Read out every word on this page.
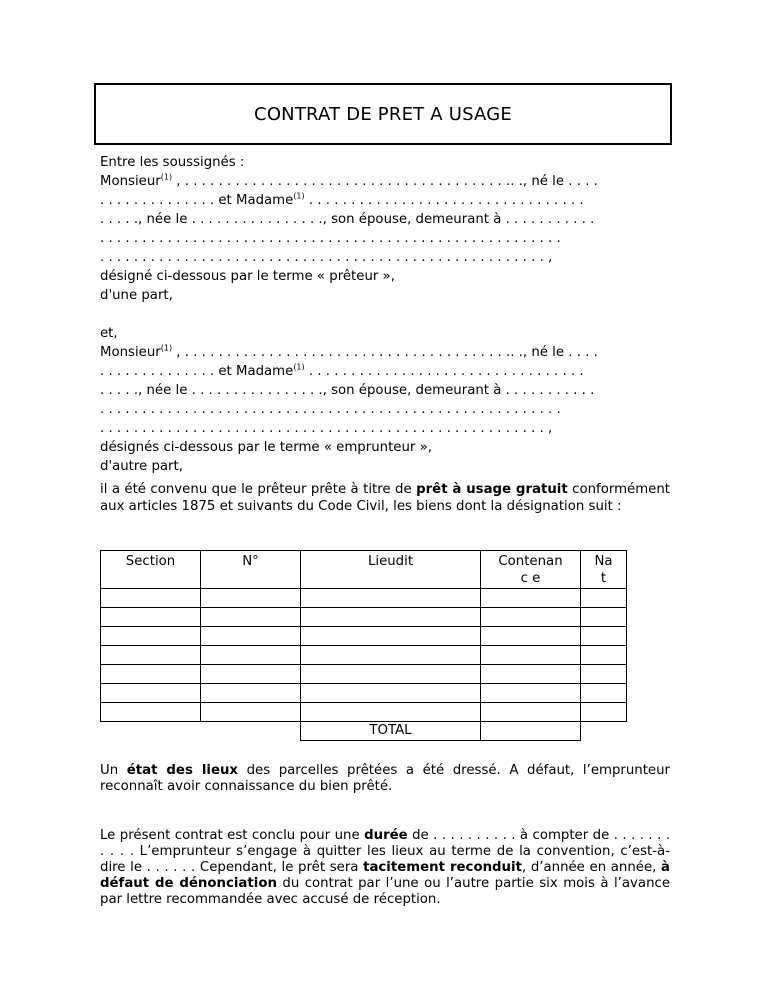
CONTRAT DE PRET A USAGE
Entre les soussignés :
Monsieur$^{(1)}$ , . . . . . . . . . . . . . . . . . . . . . . . . . . . . . . . . . . . . . . .. ., né le . . . .
. . . . . . . . . . . . . . et Madame$^{(1)}$ . . . . . . . . . . . . . . . . . . . . . . . . . . . . . . . . .
. . . . ., née le . . . . . . . . . . . . . . . ., son épouse, demeurant à . . . . . . . . . . .
. . . . . . . . . . . . . . . . . . . . . . . . . . . . . . . . . . . . . . . . . . . . . . . . . . . . . . .
. . . . . . . . . . . . . . . . . . . . . . . . . . . . . . . . . . . . . . . . . . . . . . . . . . . . . ,
désigné ci-dessous par le terme « prêteur »,
d'une part,
et,
Monsieur$^{(1)}$ , . . . . . . . . . . . . . . . . . . . . . . . . . . . . . . . . . . . . . . .. ., né le . . . .
. . . . . . . . . . . . . . et Madame$^{(1)}$ . . . . . . . . . . . . . . . . . . . . . . . . . . . . . . . . .
. . . . ., née le . . . . . . . . . . . . . . . ., son épouse, demeurant à . . . . . . . . . . .
. . . . . . . . . . . . . . . . . . . . . . . . . . . . . . . . . . . . . . . . . . . . . . . . . . . . . . .
. . . . . . . . . . . . . . . . . . . . . . . . . . . . . . . . . . . . . . . . . . . . . . . . . . . . . ,
désignés ci-dessous par le terme « emprunteur »,
d'autre part,
il a été convenu que le prêteur prête à titre de prêt à usage gratuit conformément aux articles 1875 et suivants du Code Civil, les biens dont la désignation suit :
Section	N°	Lieudit	Contenanc e	Na t

		TOTAL		
Un état des lieux des parcelles prêtées a été dressé. A défaut, l’emprunteur reconnaît avoir connaissance du bien prêté.
Le présent contrat est conclu pour une durée de . . . . . . . . . . à compter de . . . . . . . . . . . L’emprunteur s’engage à quitter les lieux au terme de la convention, c’est-à-dire le . . . . . . Cependant, le prêt sera tacitement reconduit, d’année en année, à défaut de dénonciation du contrat par l’une ou l’autre partie six mois à l’avance par lettre recommandée avec accusé de réception.
